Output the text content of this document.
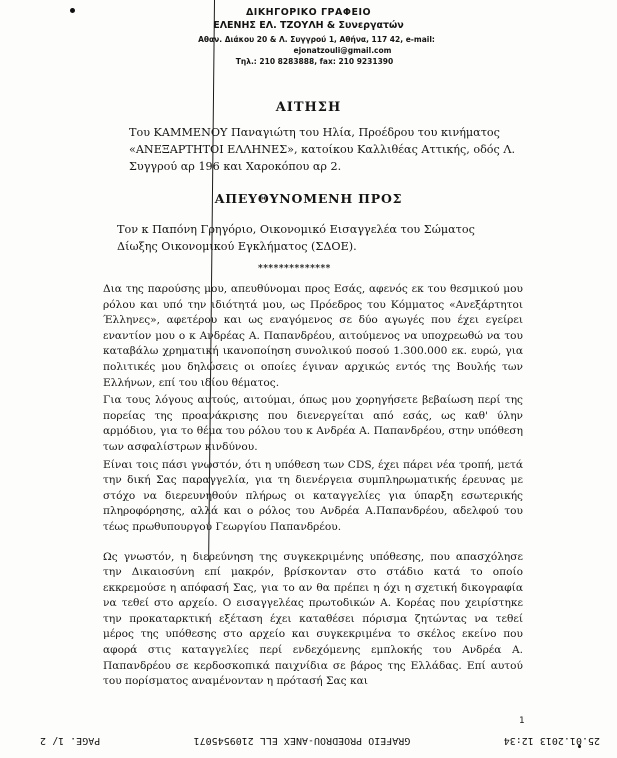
ΔΙΚΗΓΟΡΙΚΟ ΓΡΑΦΕΙΟ
ΕΛΕΝΗΣ ΕΛ. ΤΖΟΥΛΗ & Συνεργατών
Αθαν. Διάκου 20 & Λ. Συγγρού 1, Αθήνα, 117 42, e-mail:
ejonatzouli@gmail.com
Τηλ.: 210 8283888, fax: 210 9231390
ΑΙΤΗΣΗ

Του ΚΑΜΜΕΝΟΥ Παναγιώτη του Ηλία, Προέδρου του κινήματος «ΑΝΕΞΑΡΤΗΤΟΙ ΕΛΛΗΝΕΣ», κατοίκου Καλλιθέας Αττικής, οδός Λ. Συγγρού αρ 196 και Χαροκόπου αρ 2.

ΑΠΕΥΘΥΝΟΜΕΝΗ ΠΡΟΣ

Τον κ Παπόνη Γρηγόριο, Οικονομικό Εισαγγελέα του Σώματος Δίωξης Οικονομικού Εγκλήματος (ΣΔΟΕ).

**************

Δια της παρούσης μου, απευθύνομαι προς Εσάς, αφενός εκ του θεσμικού μου ρόλου και υπό την ιδιότητά μου, ως Πρόεδρος του Κόμματος «Ανεξάρτητοι Έλληνες», αφετέρου και ως εναγόμενος σε δύο αγωγές που έχει εγείρει εναντίον μου ο κ Ανδρέας Α. Παπανδρέου, αιτούμενος να υποχρεωθώ να του καταβάλω χρηματική ικανοποίηση συνολικού ποσού 1.300.000 εκ. ευρώ, για πολιτικές μου δηλώσεις οι οποίες έγιναν αρχικώς εντός της Βουλής των Ελλήνων, επί του ιδίου θέματος.

Για τους λόγους αυτούς, αιτούμαι, όπως μου χορηγήσετε βεβαίωση περί της πορείας της προανάκρισης που διενεργείται από εσάς, ως καθ' ύλην αρμόδιου, για το θέμα του ρόλου του κ Ανδρέα Α. Παπανδρέου, στην υπόθεση των ασφαλίστρων κινδύνου.

Είναι τοις πάσι γνωστόν, ότι η υπόθεση των CDS, έχει πάρει νέα τροπή, μετά την δική Σας παραγγελία, για τη διενέργεια συμπληρωματικής έρευνας με στόχο να διερευνηθούν πλήρως οι καταγγελίες για ύπαρξη εσωτερικής πληροφόρησης, αλλά και ο ρόλος του Ανδρέα Α.Παπανδρέου, αδελφού του τέως πρωθυπουργού Γεωργίου Παπανδρέου.

Ως γνωστόν, η διερεύνηση της συγκεκριμένης υπόθεσης, που απασχόλησε την Δικαιοσύνη επί μακρόν, βρίσκονταν στο στάδιο κατά το οποίο εκκρεμούσε η απόφασή Σας, για το αν θα πρέπει η όχι η σχετική δικογραφία να τεθεί στο αρχείο. Ο εισαγγελέας πρωτοδικών Α. Κορέας που χειρίστηκε την προκαταρκτική εξέταση έχει καταθέσει πόρισμα ζητώντας να τεθεί μέρος της υπόθεσης στο αρχείο και συγκεκριμένα το σκέλος εκείνο που αφορά στις καταγγελίες περί ενδεχόμενης εμπλοκής του Ανδρέα Α. Παπανδρέου σε κερδοσκοπικά παιχνίδια σε βάρος της Ελλάδας. Επί αυτού του πορίσματος αναμένονταν η πρότασή Σας και

1
25.01.2013 12:34
GRAFEIO PROEDROU-ANEX ELL 2109545071
PAGE. 1/ 2
